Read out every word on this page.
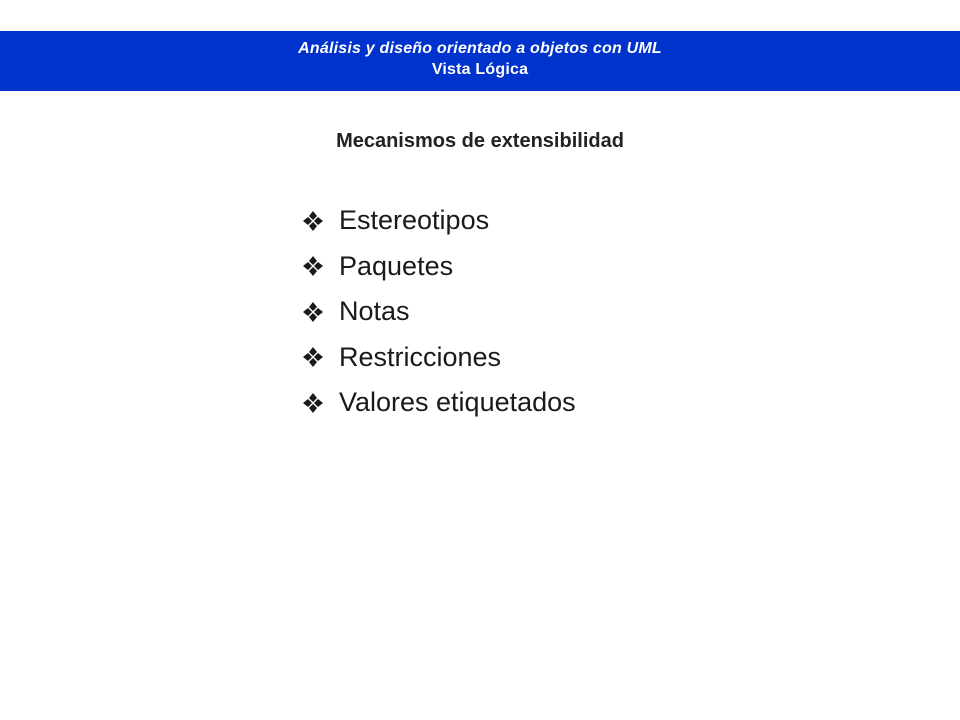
Análisis y diseño orientado a objetos con UML
Vista Lógica
Mecanismos de extensibilidad
Estereotipos
Paquetes
Notas
Restricciones
Valores etiquetados
